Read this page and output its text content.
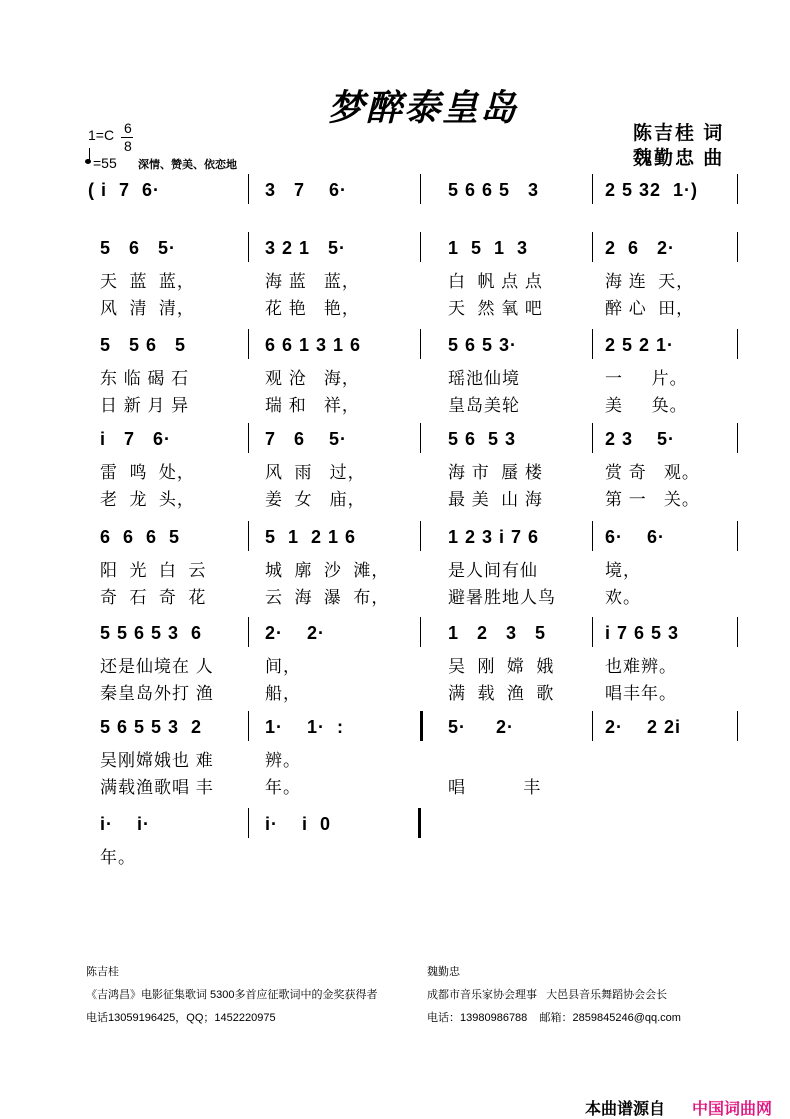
梦醉泰皇岛
1=C 6
8
=55 深情、赞美、依恋地
陈吉桂 词
魏勤忠 曲
( i  7  6·	3   7    6·	5 6 6 5   3	2 5 32  1·)
5   6   5·
天  蓝  蓝，
风  清  清，
3 2 1   5·
海 蓝   蓝，
花 艳   艳，
1  5  1  3
白  帆 点 点
天  然 氧 吧
2  6   2·
海 连  天，
醉 心  田，
5   5 6   5
东 临 碣 石
日 新 月 异
6 6 1 3 1 6
观 沧   海，
瑞 和   祥，
5 6 5 3·
瑶池仙境
皇岛美轮
2 5 2 1·
一     片。
美     奂。
i   7   6·
雷  鸣  处，
老  龙  头，
7   6    5·
风  雨   过，
姜  女   庙，
5 6  5 3
海 市  蜃 楼
最 美  山 海
2 3    5·
赏 奇   观。
第 一   关。
6  6  6  5
阳  光  白  云
奇  石  奇  花
5  1  2 1 6
城  廓  沙  滩，
云  海  瀑  布，
1 2 3 i 7 6
是人间有仙
避暑胜地人鸟
6·    6·
境，
欢。
5 5 6 5 3  6
还是仙境在 人
秦皇岛外打 渔
2·    2·
间，
船，
1   2   3   5
吴  刚  嫦  娥
满  载  渔  歌
i 7 6 5 3
也难辨。
唱丰年。
5 6 5 5 3  2
吴刚嫦娥也 难
满载渔歌唱 丰
1·    1·  :
辨。
年。
5·     2·
唱          丰
2·    2 2i
i·    i·
年。
i·    i  0
陈吉桂
《吉鸿昌》电影征集歌词 5300多首应征歌词中的金奖获得者
电话13059196425，QQ；1452220975
魏勤忠
成都市音乐家协会理事   大邑县音乐舞蹈协会会长
电话：13980986788    邮箱：2859845246@qq.com
本曲谱源自 中国词曲网
